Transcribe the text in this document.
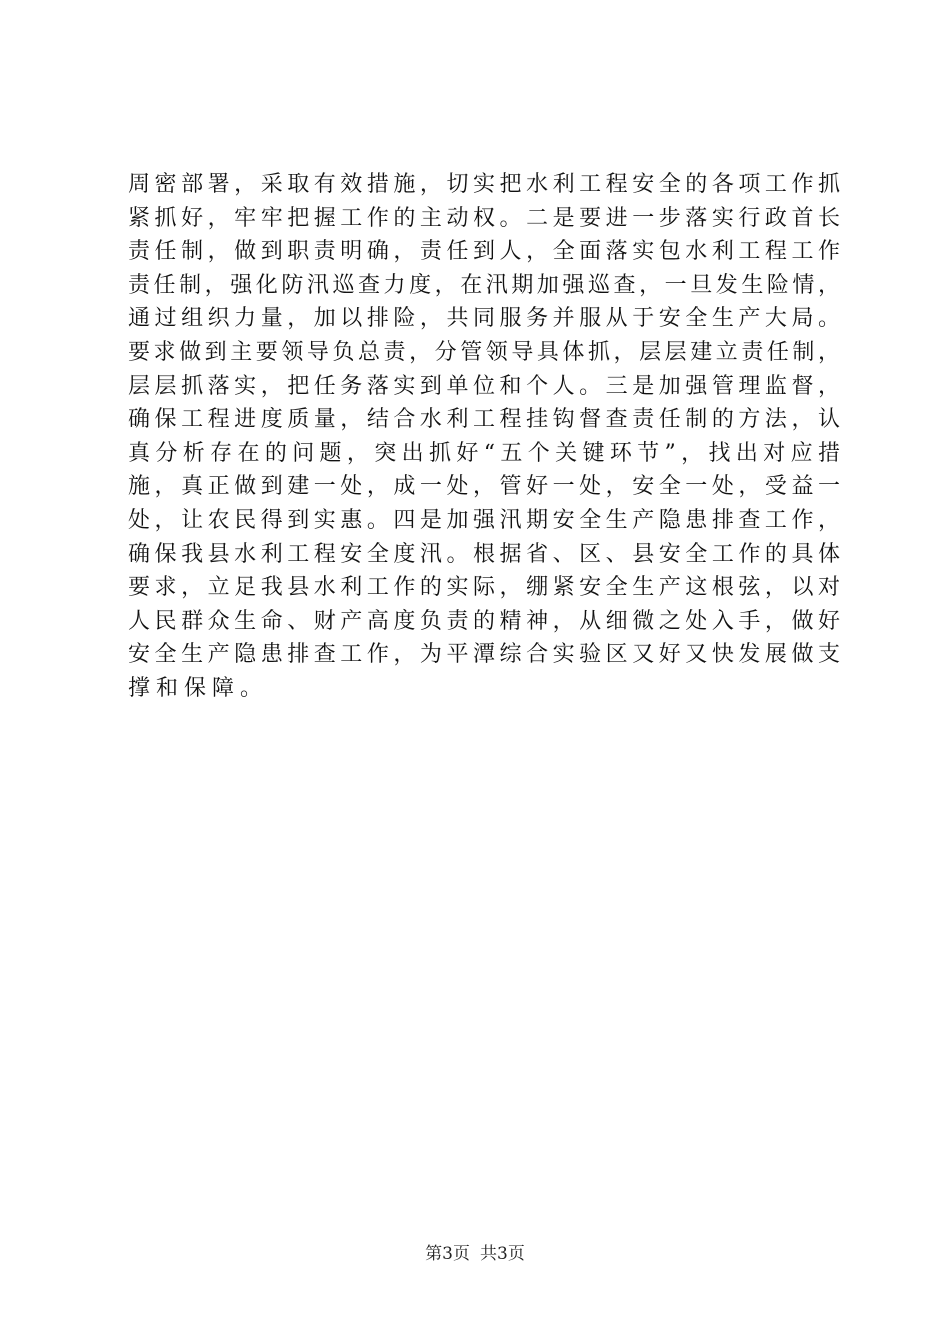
周密部署，采取有效措施，切实把水利工程安全的各项工作抓
紧抓好，牢牢把握工作的主动权。二是要进一步落实行政首长
责任制，做到职责明确，责任到人，全面落实包水利工程工作
责任制，强化防汛巡查力度，在汛期加强巡查，一旦发生险情，
通过组织力量，加以排险，共同服务并服从于安全生产大局。
要求做到主要领导负总责，分管领导具体抓，层层建立责任制，
层层抓落实，把任务落实到单位和个人。三是加强管理监督，
确保工程进度质量，结合水利工程挂钩督查责任制的方法，认
真分析存在的问题，突出抓好“五个关键环节”，找出对应措
施，真正做到建一处，成一处，管好一处，安全一处，受益一
处，让农民得到实惠。四是加强汛期安全生产隐患排查工作，
确保我县水利工程安全度汛。根据省、区、县安全工作的具体
要求，立足我县水利工作的实际，绷紧安全生产这根弦，以对
人民群众生命、财产高度负责的精神，从细微之处入手，做好
安全生产隐患排查工作，为平潭综合实验区又好又快发展做支
撑和保障。
第3页 共3页
